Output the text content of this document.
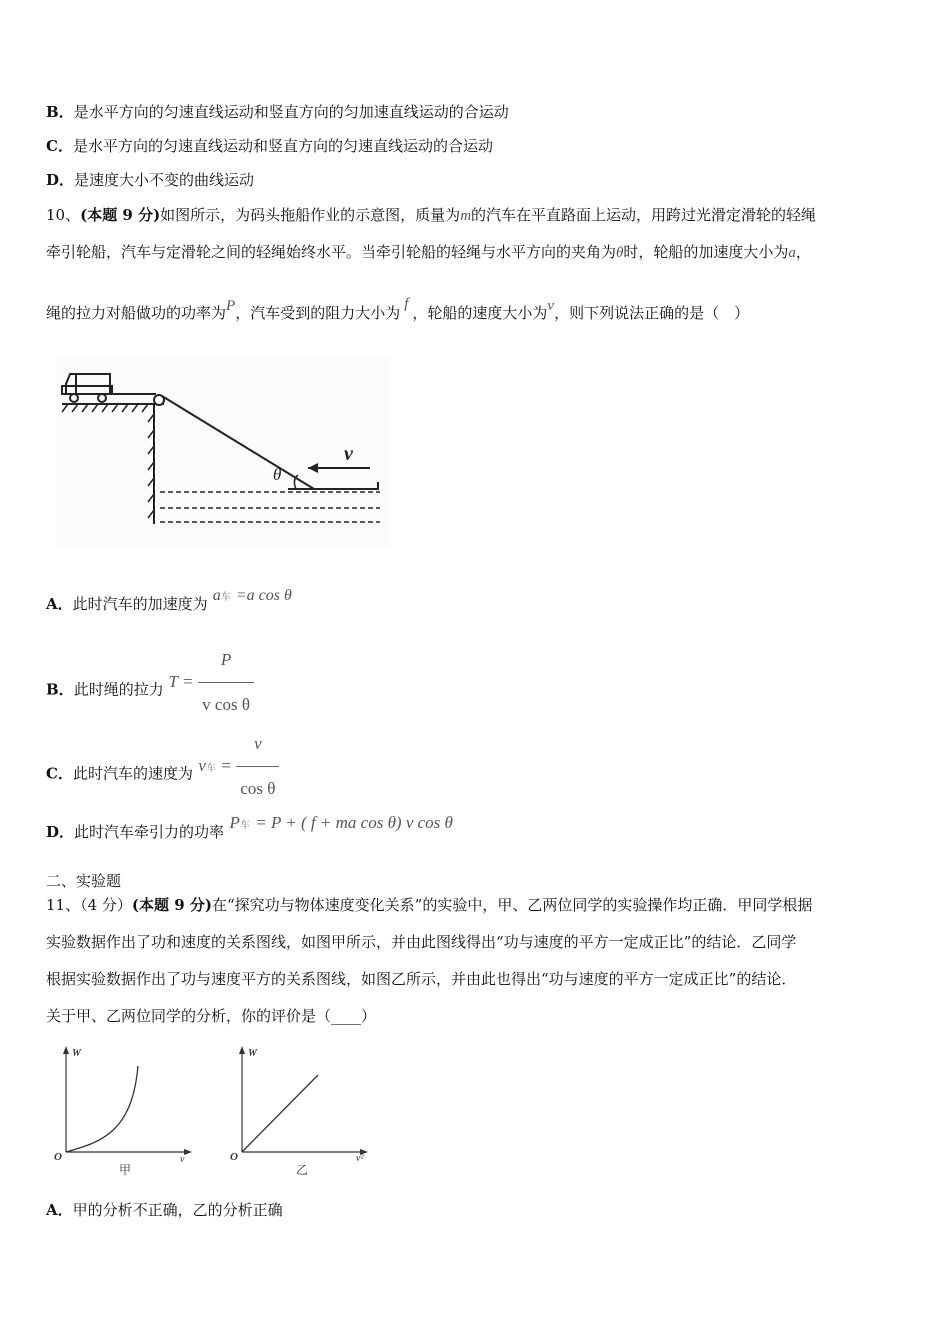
B．是水平方向的匀速直线运动和竖直方向的匀加速直线运动的合运动
C．是水平方向的匀速直线运动和竖直方向的匀速直线运动的合运动
D．是速度大小不变的曲线运动
10、(本题 9 分)如图所示，为码头拖船作业的示意图，质量为m的汽车在平直路面上运动，用跨过光滑定滑轮的轻绳
牵引轮船，汽车与定滑轮之间的轻绳始终水平。当牵引轮船的轻绳与水平方向的夹角为θ时，轮船的加速度大小为a，
绳的拉力对船做功的功率为P，汽车受到的阻力大小为 f ，轮船的速度大小为v，则下列说法正确的是（　）
θ
v
A．此时汽车的加速度为 a车 =a cos θ
B．此时绳的拉力 $T = \frac{P}{\text{v cos θ}}$
C．此时汽车的速度为 v车 = $\frac{v}{\text{cos θ}}$
D．此时汽车牵引力的功率 P车 = P + ( f + ma cos θ) v cos θ
二、实验题
11、（4 分）(本题 9 分)在“探究功与物体速度变化关系”的实验中，甲、乙两位同学的实验操作均正确．甲同学根据
实验数据作出了功和速度的关系图线，如图甲所示，并由此图线得出“功与速度的平方一定成正比”的结论．乙同学
根据实验数据作出了功与速度平方的关系图线，如图乙所示，并由此也得出“功与速度的平方一定成正比”的结论．
关于甲、乙两位同学的分析，你的评价是（____）
W
O	v
甲
W
O	v²
乙
A．甲的分析不正确，乙的分析正确
